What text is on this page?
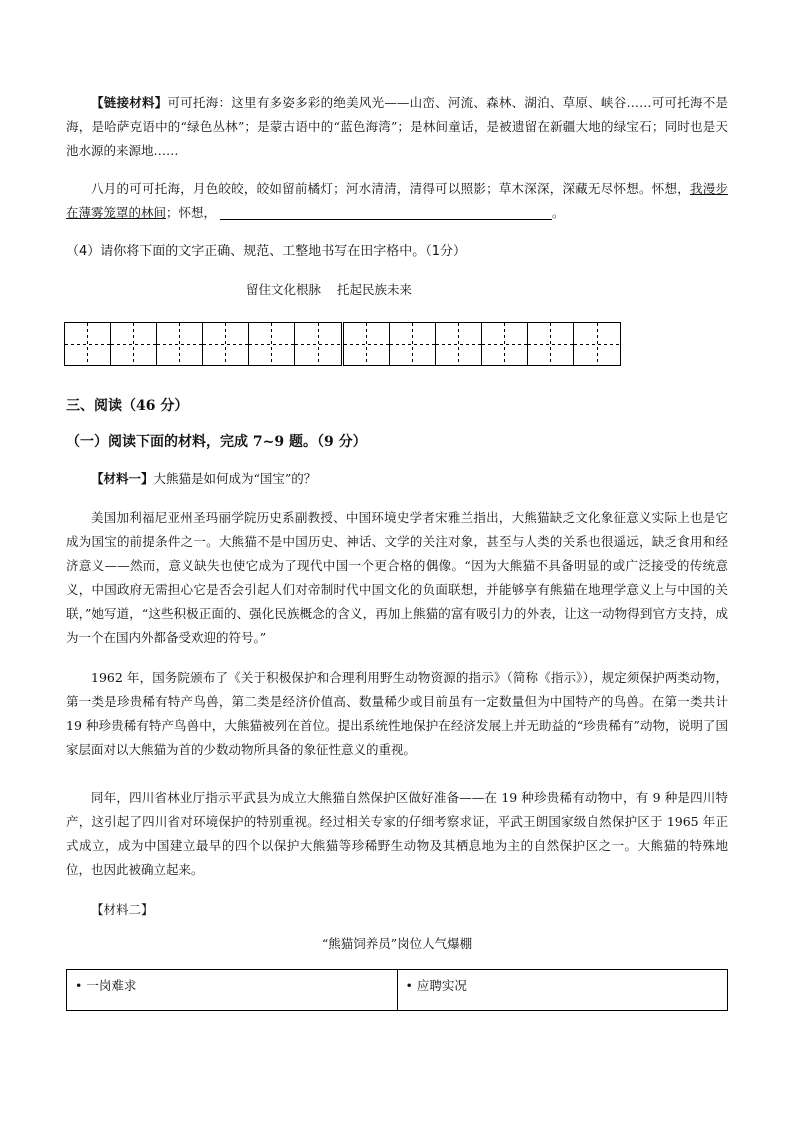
【链接材料】可可托海：这里有多姿多彩的绝美风光——山峦、河流、森林、湖泊、草原、峡谷……可可托海不是海，是哈萨克语中的“绿色丛林”；是蒙古语中的“蓝色海湾”；是林间童话，是被遗留在新疆大地的绿宝石；同时也是天池水源的来源地……
八月的可可托海，月色皎皎，皎如留前橘灯；河水清清，清得可以照影；草木深深，深藏无尽怀想。怀想，我漫步在薄雾笼罩的林间；怀想，	。
（4）请你将下面的文字正确、规范、工整地书写在田字格中。（1分）
留住文化根脉 托起民族未来
三、阅读（46 分）
（一）阅读下面的材料，完成 7~9 题。（9 分）
【材料一】大熊猫是如何成为“国宝”的？
美国加利福尼亚州圣玛丽学院历史系副教授、中国环境史学者宋雅兰指出，大熊猫缺乏文化象征意义实际上也是它成为国宝的前提条件之一。大熊猫不是中国历史、神话、文学的关注对象，甚至与人类的关系也很遥远，缺乏食用和经济意义——然而，意义缺失也使它成为了现代中国一个更合格的偶像。“因为大熊猫不具备明显的或广泛接受的传统意义，中国政府无需担心它是否会引起人们对帝制时代中国文化的负面联想，并能够享有熊猫在地理学意义上与中国的关联，”她写道，“这些积极正面的、强化民族概念的含义，再加上熊猫的富有吸引力的外表，让这一动物得到官方支持，成为一个在国内外都备受欢迎的符号。”
1962 年，国务院颁布了《关于积极保护和合理利用野生动物资源的指示》（简称《指示》），规定须保护两类动物，第一类是珍贵稀有特产鸟兽，第二类是经济价值高、数量稀少或目前虽有一定数量但为中国特产的鸟兽。在第一类共计 19 种珍贵稀有特产鸟兽中，大熊猫被列在首位。提出系统性地保护在经济发展上并无助益的“珍贵稀有”动物，说明了国家层面对以大熊猫为首的少数动物所具备的象征性意义的重视。
同年，四川省林业厅指示平武县为成立大熊猫自然保护区做好准备——在 19 种珍贵稀有动物中，有 9 种是四川特产，这引起了四川省对环境保护的特别重视。经过相关专家的仔细考察求证，平武王朗国家级自然保护区于 1965 年正式成立，成为中国建立最早的四个以保护大熊猫等珍稀野生动物及其栖息地为主的自然保护区之一。大熊猫的特殊地位，也因此被确立起来。
【材料二】
“熊猫饲养员”岗位人气爆棚
• 一岗难求	• 应聘实况
